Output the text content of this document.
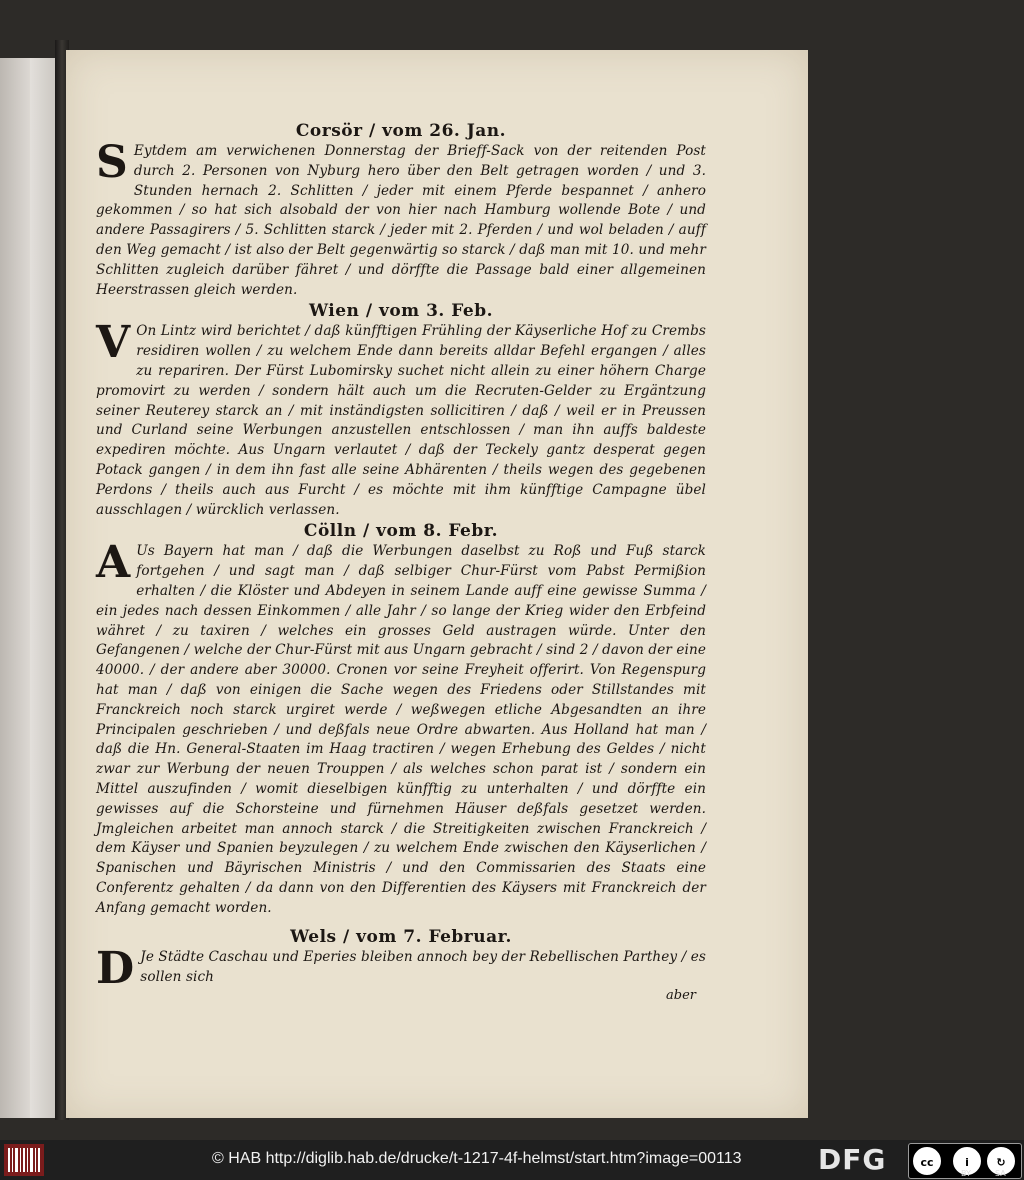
Corsör / vom 26. Jan.

SEytdem am verwichenen Donnerstag der Brieff-Sack von der reitenden Post durch 2. Personen von Nyburg hero über den Belt getragen worden / und 3. Stunden hernach 2. Schlitten / jeder mit einem Pferde bespannet / anhero gekommen / so hat sich alsobald der von hier nach Hamburg wollende Bote / und andere Passagirers / 5. Schlitten starck / jeder mit 2. Pferden / und wol beladen / auff den Weg gemacht / ist also der Belt gegenwärtig so starck / daß man mit 10. und mehr Schlitten zugleich darüber fähret / und dörffte die Passage bald einer allgemeinen Heerstrassen gleich werden.

Wien / vom 3. Feb.

VOn Lintz wird berichtet / daß künfftigen Frühling der Käyserliche Hof zu Crembs residiren wollen / zu welchem Ende dann bereits alldar Befehl ergangen / alles zu repariren. Der Fürst Lubomirsky suchet nicht allein zu einer höhern Charge promovirt zu werden / sondern hält auch um die Recruten-Gelder zu Ergäntzung seiner Reuterey starck an / mit inständigsten sollicitiren / daß / weil er in Preussen und Curland seine Werbungen anzustellen entschlossen / man ihn auffs baldeste expediren möchte. Aus Ungarn verlautet / daß der Teckely gantz desperat gegen Potack gangen / in dem ihn fast alle seine Abhärenten / theils wegen des gegebenen Perdons / theils auch aus Furcht / es möchte mit ihm künfftige Campagne übel ausschlagen / würcklich verlassen.

Cölln / vom 8. Febr.

AUs Bayern hat man / daß die Werbungen daselbst zu Roß und Fuß starck fortgehen / und sagt man / daß selbiger Chur-Fürst vom Pabst Permißion erhalten / die Klöster und Abdeyen in seinem Lande auff eine gewisse Summa / ein jedes nach dessen Einkommen / alle Jahr / so lange der Krieg wider den Erbfeind währet / zu taxiren / welches ein grosses Geld austragen würde. Unter den Gefangenen / welche der Chur-Fürst mit aus Ungarn gebracht / sind 2 / davon der eine 40000. / der andere aber 30000. Cronen vor seine Freyheit offerirt. Von Regenspurg hat man / daß von einigen die Sache wegen des Friedens oder Stillstandes mit Franckreich noch starck urgiret werde / weßwegen etliche Abgesandten an ihre Principalen geschrieben / und deßfals neue Ordre abwarten. Aus Holland hat man / daß die Hn. General-Staaten im Haag tractiren / wegen Erhebung des Geldes / nicht zwar zur Werbung der neuen Trouppen / als welches schon parat ist / sondern ein Mittel auszufinden / womit dieselbigen künfftig zu unterhalten / und dörffte ein gewisses auf die Schorsteine und fürnehmen Häuser deßfals gesetzet werden. Jmgleichen arbeitet man annoch starck / die Streitigkeiten zwischen Franckreich / dem Käyser und Spanien beyzulegen / zu welchem Ende zwischen den Käyserlichen / Spanischen und Bäyrischen Ministris / und den Commissarien des Staats eine Conferentz gehalten / da dann von den Differentien des Käysers mit Franckreich der Anfang gemacht worden.

Wels / vom 7. Februar.

DJe Städte Caschau und Eperies bleiben annoch bey der Rebellischen Parthey / es sollen sich

aber

© HAB http://diglib.hab.de/drucke/t-1217-4f-helmst/start.htm?image=00113	DFG	cc	i	↻
BY	SA
